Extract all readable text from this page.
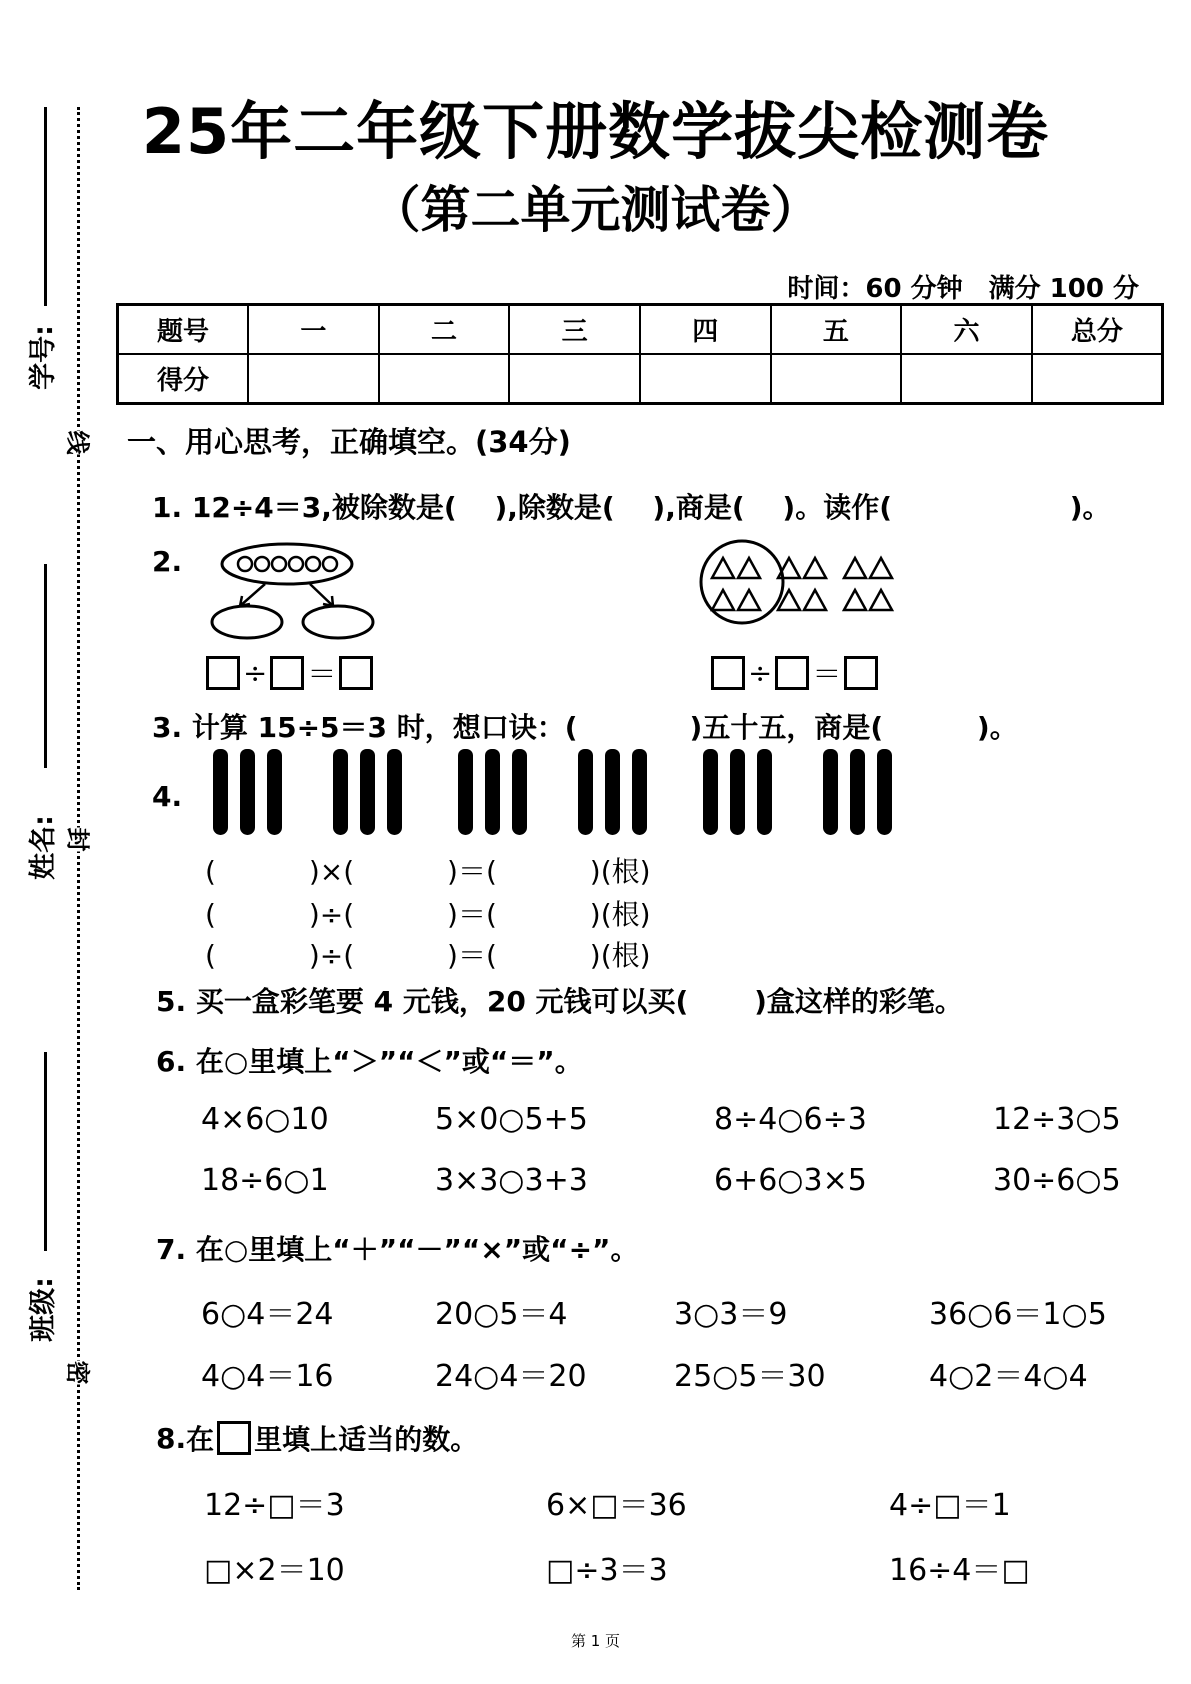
25年二年级下册数学拔尖检测卷
（第二单元测试卷）
时间：60 分钟　满分 100 分
学号:
姓名:
班级:
线
封
密
题号	一	二	三	四	五	六	总分
得分							
一、用心思考，正确填空。(34分)
1. 12÷4＝3,被除数是(　 ),除数是(　 ),商是(　 )。读作(　　　　　　 )。
2.
÷ ＝	÷ ＝
3. 计算 15÷5＝3 时，想口诀：(　　　　)五十五，商是(　　　 )。
4.
(　　　 )×(　　　 )＝(　　　 )(根)
(　　　 )÷(　　　 )＝(　　　 )(根)
(　　　 )÷(　　　 )＝(　　　 )(根)
5. 买一盒彩笔要 4 元钱，20 元钱可以买(　　 )盒这样的彩笔。
6. 在○里填上“＞”“＜”或“＝”。
7. 在○里填上“＋”“－”“×”或“÷”。
8 . 在 里 填 上 适 当 的 数 。
4×6○10	5×0○5+5	8÷4○6÷3	12÷3○5
18÷6○1	3×3○3+3	6+6○3×5	30÷6○5
6○4＝24	20○5＝4	3○3＝9	36○6＝1○5
4○4＝16	24○4＝20	25○5＝30	4○2＝4○4
12÷□＝3	6×□＝36	4÷□＝1
□×2＝10	□÷3＝3	16÷4＝□
第 1 页
